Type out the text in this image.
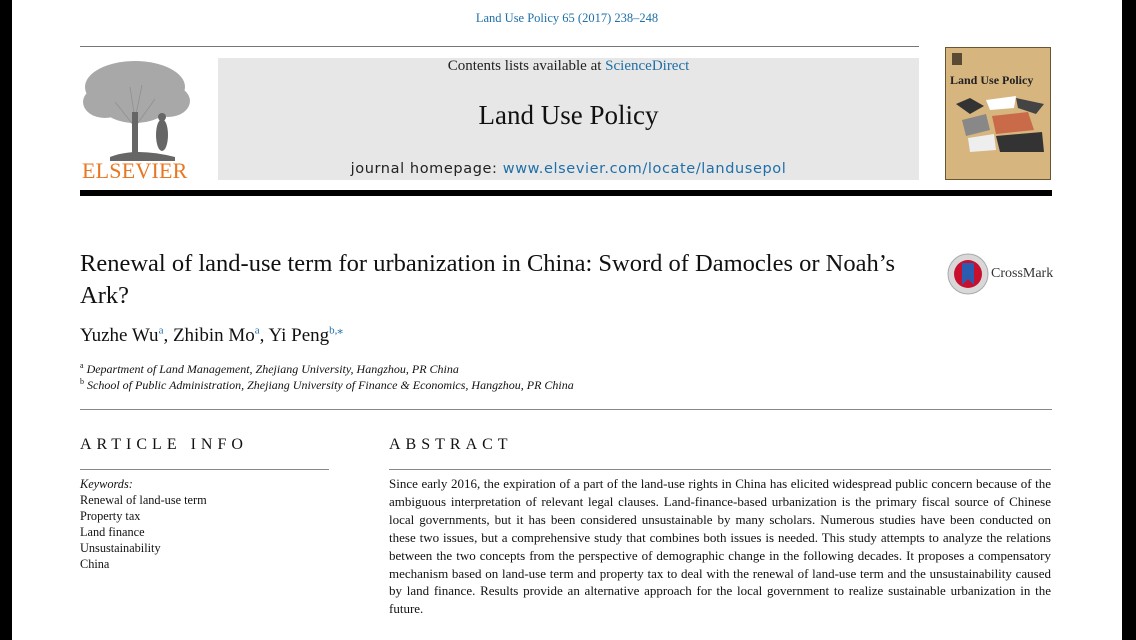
Land Use Policy 65 (2017) 238–248
ELSEVIER
Contents lists available at ScienceDirect
Land Use Policy
journal homepage: www.elsevier.com/locate/landusepol
Land Use Policy
Renewal of land-use term for urbanization in China: Sword of Damocles or Noah’s Ark?
CrossMark
Yuzhe Wu$^a$, Zhibin Mo$^a$, Yi Peng$^{b,⁎}$
$^a$ Department of Land Management, Zhejiang University, Hangzhou, PR China
$^b$ School of Public Administration, Zhejiang University of Finance & Economics, Hangzhou, PR China
ARTICLE INFO	ABSTRACT
Keywords:
Renewal of land-use term
Property tax
Land finance
Unsustainability
China
Since early 2016, the expiration of a part of the land-use rights in China has elicited widespread public concern because of the ambiguous interpretation of relevant legal clauses. Land-finance-based urbanization is the primary fiscal source of Chinese local governments, but it has been considered unsustainable by many scholars. Numerous studies have been conducted on these two issues, but a comprehensive study that combines both issues is needed. This study attempts to analyze the relations between the two concepts from the perspective of demographic change in the following decades. It proposes a compensatory mechanism based on land-use term and property tax to deal with the renewal of land-use term and the unsustainability caused by land finance. Results provide an alternative approach for the local government to realize sustainable urbanization in the future.
